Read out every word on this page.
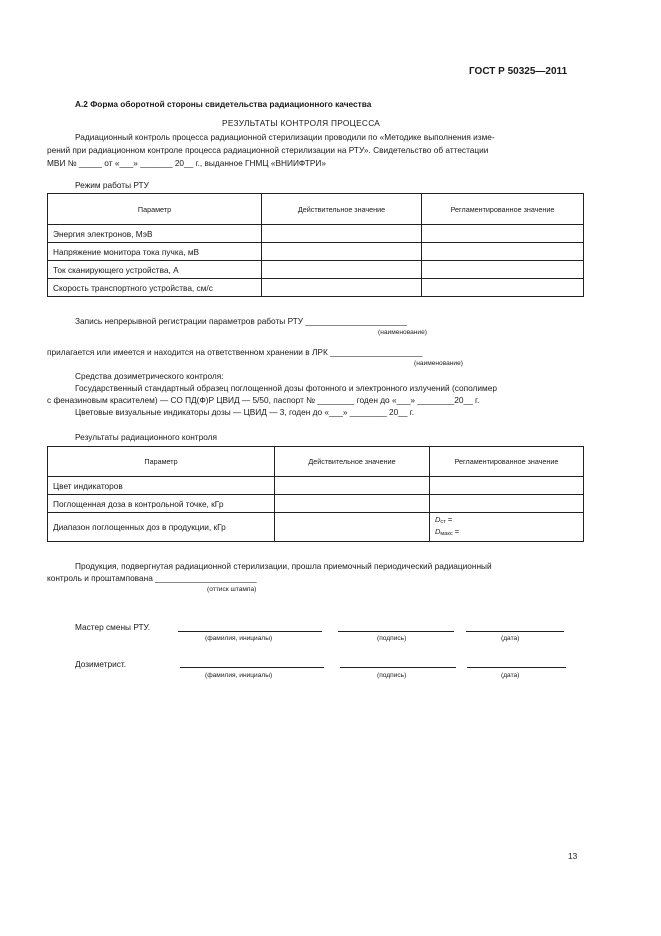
ГОСТ Р 50325—2011
А.2 Форма оборотной стороны свидетельства радиационного качества
РЕЗУЛЬТАТЫ КОНТРОЛЯ ПРОЦЕССА
Радиационный контроль процесса радиационной стерилизации проводили по «Методике выполнения изме-
рений при радиационном контроле процесса радиационной стерилизации на РТУ». Свидетельство об аттестации
МВИ № _____ от «___» _______ 20__ г., выданное ГНМЦ «ВНИИФТРИ»
Режим работы РТУ
Параметр	Действительное значение	Регламентированное значение
Энергия электронов, МэВ		
Напряжение монитора тока пучка, мВ		
Ток сканирующего устройства, А		
Скорость транспортного устройства, см/с		
Запись непрерывной регистрации параметров работы РТУ ______________________
(наименование)
прилагается или имеется и находится на ответственном хранении в ЛРК ____________________
(наименование)
Средства дозиметрического контроля:
Государственный стандартный образец поглощенной дозы фотонного и электронного излучений (сополимер
с феназиновым красителем) — СО ПД(Ф)Р ЦВИД — 5/50, паспорт № ________ годен до «___» ________20__ г.
Цветовые визуальные индикаторы дозы — ЦВИД — 3, годен до «___» ________ 20__ г.
Результаты радиационного контроля
Параметр	Действительное значение	Регламентированное значение
Цвет индикаторов		
Поглощенная доза в контрольной точке, кГр		
Диапазон поглощенных доз в продукции, кГр		Dст =
Dмакс =
Продукция, подвергнутая радиационной стерилизации, прошла приемочный периодический радиационный
контроль и проштампована ______________________
(оттиск штампа)
Мастер смены РТУ.
(фамилия, инициалы)	(подпись)	(дата)
Дозиметрист.
(фамилия, инициалы)	(подпись)	(дата)
13
